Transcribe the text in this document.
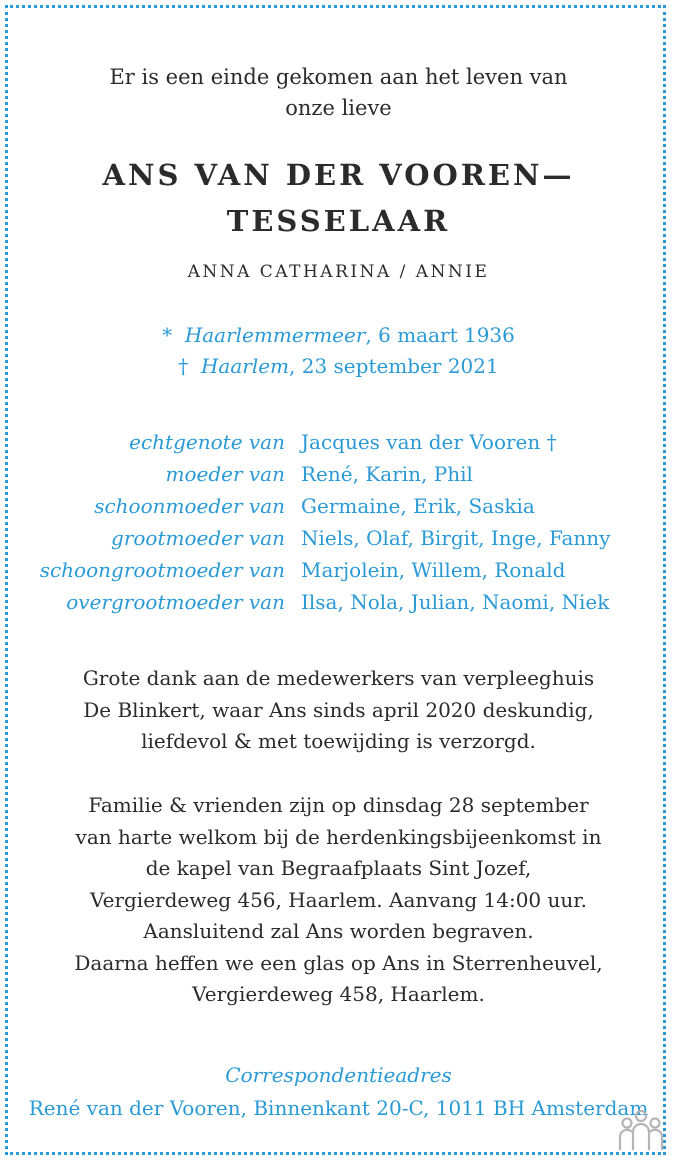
Er is een einde gekomen aan het leven van
onze lieve
ANS VAN DER VOOREN—
TESSELAAR
ANNA CATHARINA / ANNIE
* Haarlemmermeer, 6 maart 1936
† Haarlem, 23 september 2021
echtgenote van Jacques van der Vooren †
moeder van René, Karin, Phil
schoonmoeder van Germaine, Erik, Saskia
grootmoeder van Niels, Olaf, Birgit, Inge, Fanny
schoongrootmoeder van Marjolein, Willem, Ronald
overgrootmoeder van Ilsa, Nola, Julian, Naomi, Niek
Grote dank aan de medewerkers van verpleeghuis
De Blinkert, waar Ans sinds april 2020 deskundig,
liefdevol & met toewijding is verzorgd.
Familie & vrienden zijn op dinsdag 28 september
van harte welkom bij de herdenkingsbijeenkomst in
de kapel van Begraafplaats Sint Jozef,
Vergierdeweg 456, Haarlem. Aanvang 14:00 uur.
Aansluitend zal Ans worden begraven.
Daarna heffen we een glas op Ans in Sterrenheuvel,
Vergierdeweg 458, Haarlem.
Correspondentieadres
René van der Vooren, Binnenkant 20-C, 1011 BH Amsterdam
